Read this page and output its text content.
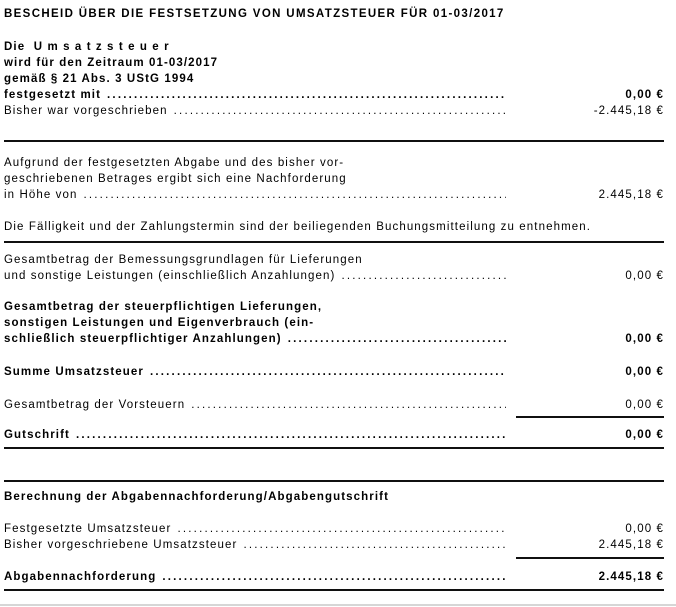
BESCHEID ÜBER DIE FESTSETZUNG VON UMSATZSTEUER FÜR 01-03/2017
Die  U m s a t z s t e u e r
wird für den Zeitraum 01-03/2017
gemäß § 21 Abs. 3 UStG 1994
festgesetzt mit .....	0,00 €
Bisher war vorgeschrieben .....	-2.445,18 €
Aufgrund der festgesetzten Abgabe und des bisher vor-
geschriebenen Betrages ergibt sich eine Nachforderung
in Höhe von .....	2.445,18 €
Die Fälligkeit und der Zahlungstermin sind der beiliegenden Buchungsmitteilung zu entnehmen.
Gesamtbetrag der Bemessungsgrundlagen für Lieferungen
und sonstige Leistungen (einschließlich Anzahlungen) .....	0,00 €
Gesamtbetrag der steuerpflichtigen Lieferungen,
sonstigen Leistungen und Eigenverbrauch (ein-
schließlich steuerpflichtiger Anzahlungen) .....	0,00 €
Summe Umsatzsteuer .....	0,00 €
Gesamtbetrag der Vorsteuern .....	0,00 €
Gutschrift .....	0,00 €
Berechnung der Abgabennachforderung/Abgabengutschrift
Festgesetzte Umsatzsteuer .....	0,00 €
Bisher vorgeschriebene Umsatzsteuer .....	2.445,18 €
Abgabennachforderung .....	2.445,18 €
